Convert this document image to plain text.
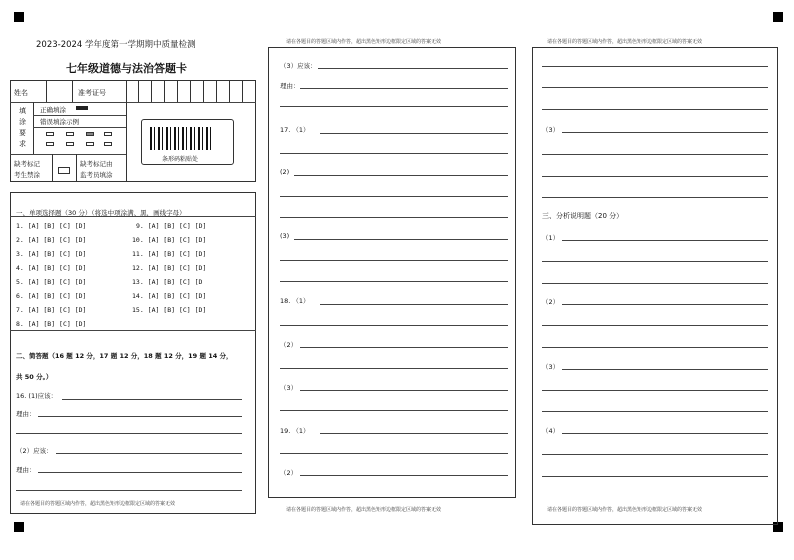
2023-2024 学年度第一学期期中质量检测
七年级道德与法治答题卡
姓名	准考证号
填
涂
要
求
正确填涂
错误填涂示例
缺考标记
考生禁涂
缺考标记由
监考员填涂
条形码粘贴处
一、单项选择题（30 分）（将选中项涂满、黑，画线字母）
1. [A] [B] [C] [D]
2. [A] [B] [C] [D]
3. [A] [B] [C] [D]
4. [A] [B] [C] [D]
5. [A] [B] [C] [D]
6. [A] [B] [C] [D]
7. [A] [B] [C] [D]
8. [A] [B] [C] [D]
9. [A] [B] [C] [D]
10. [A] [B] [C] [D]
11. [A] [B] [C] [D]
12. [A] [B] [C] [D]
13. [A] [B] [C] [D
14. [A] [B] [C] [D]
15. [A] [B] [C] [D]
二、简答题（16 题 12 分，17 题 12 分，18 题 12 分，19 题 14 分，
共 50 分。）
16. (1)应该：
理由：
（2）应该：
理由：
请在各题目的答题区域内作答，超出黑色矩形边框限定区域的答案无效
请在各题目的答题区域内作答，超出黑色矩形边框限定区域的答案无效
请在各题目的答题区域内作答，超出黑色矩形边框限定区域的答案无效
（3）应该：
理由：
17. （1）
(2)
(3)
18. （1）
（2）
（3）
19. （1）
（2）
请在各题目的答题区域内作答，超出黑色矩形边框限定区域的答案无效
请在各题目的答题区域内作答，超出黑色矩形边框限定区域的答案无效
（3）
三、分析说明题（20 分）
（1）
（2）
（3）
（4）
